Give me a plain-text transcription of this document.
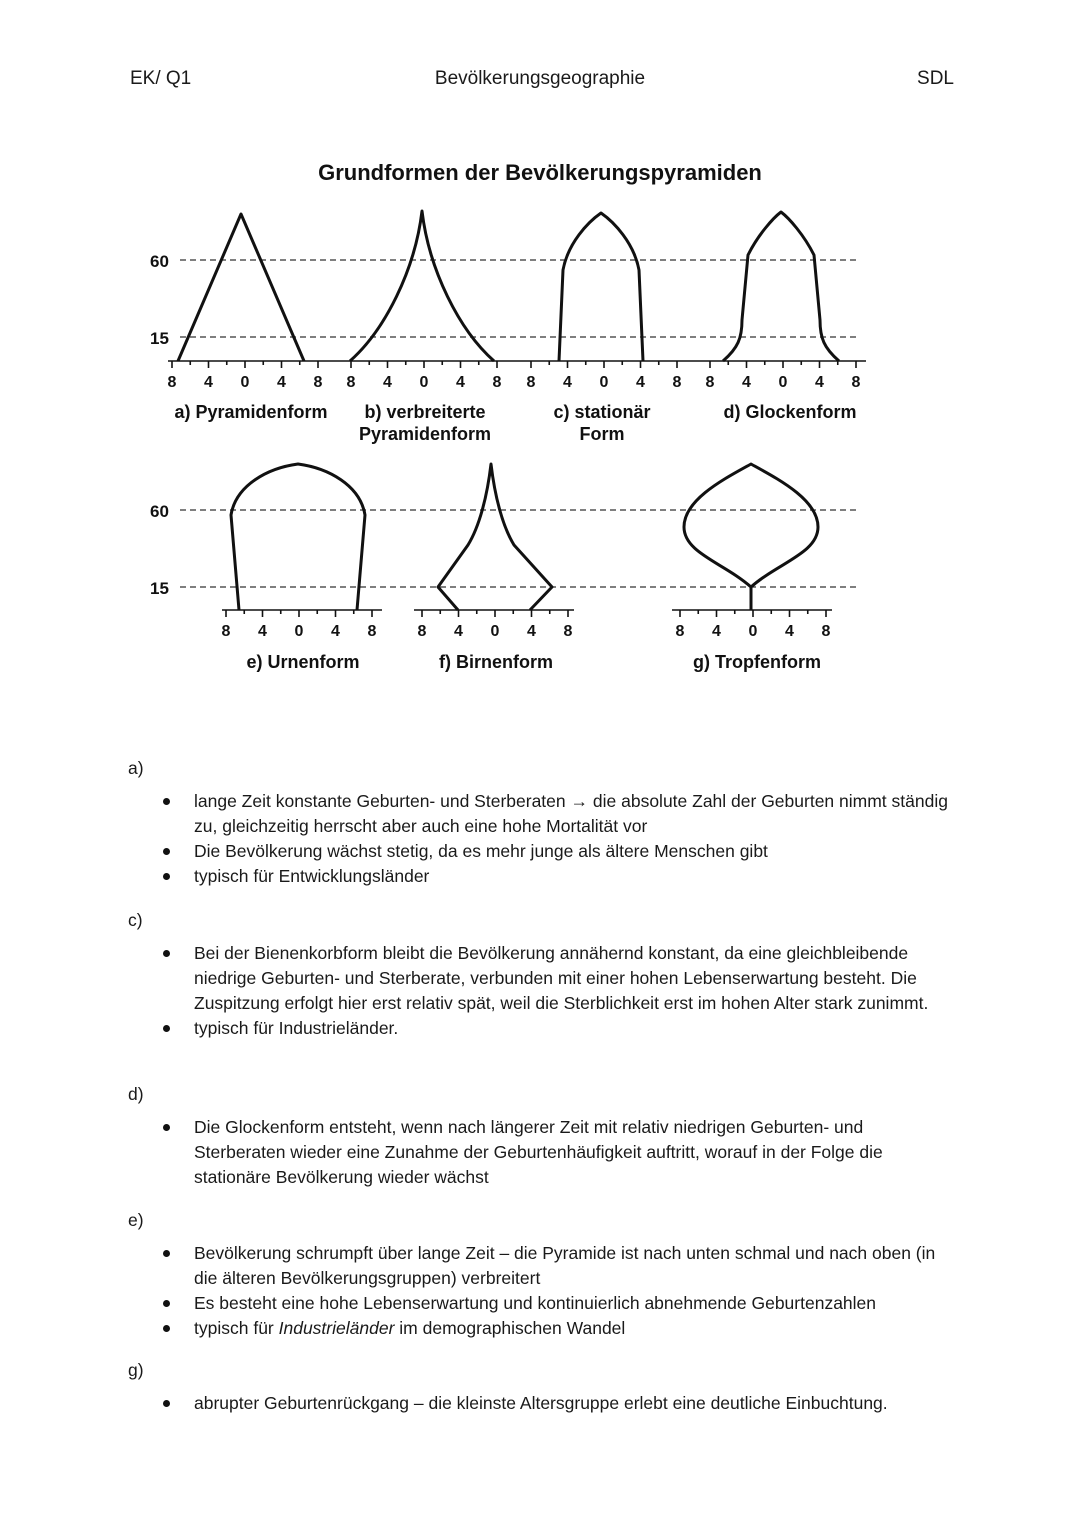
EK/ Q1	Bevölkerungsgeographie	SDL
Grundformen der Bevölkerungspyramiden
60
15
60
15
8 4 0 4 8 8 4 0 4 8 8 4 0 4 8 8 4 0 4 8
8 4 0 4 8	8 4 0 4 8	8 4 0 4 8
a) Pyramidenform b) verbreiterte
Pyramidenform
c) stationär
Form
d) Glockenform
e) Urnenform	f) Birnenform	g) Tropfenform
a)
lange Zeit konstante Geburten- und Sterberaten → die absolute Zahl der Geburten nimmt ständig zu, gleichzeitig herrscht aber auch eine hohe Mortalität vor
Die Bevölkerung wächst stetig, da es mehr junge als ältere Menschen gibt
typisch für Entwicklungsländer
c)
Bei der Bienenkorbform bleibt die Bevölkerung annähernd konstant, da eine gleichbleibende niedrige Geburten- und Sterberate, verbunden mit einer hohen Lebenserwartung besteht. Die Zuspitzung erfolgt hier erst relativ spät, weil die Sterblichkeit erst im hohen Alter stark zunimmt.
typisch für Industrieländer.
d)
Die Glockenform entsteht, wenn nach längerer Zeit mit relativ niedrigen Geburten- und Sterberaten wieder eine Zunahme der Geburtenhäufigkeit auftritt, worauf in der Folge die stationäre Bevölkerung wieder wächst
e)
Bevölkerung schrumpft über lange Zeit – die Pyramide ist nach unten schmal und nach oben (in die älteren Bevölkerungsgruppen) verbreitert
Es besteht eine hohe Lebenserwartung und kontinuierlich abnehmende Geburtenzahlen
typisch für Industrieländer im demographischen Wandel
g)
abrupter Geburtenrückgang – die kleinste Altersgruppe erlebt eine deutliche Einbuchtung.
